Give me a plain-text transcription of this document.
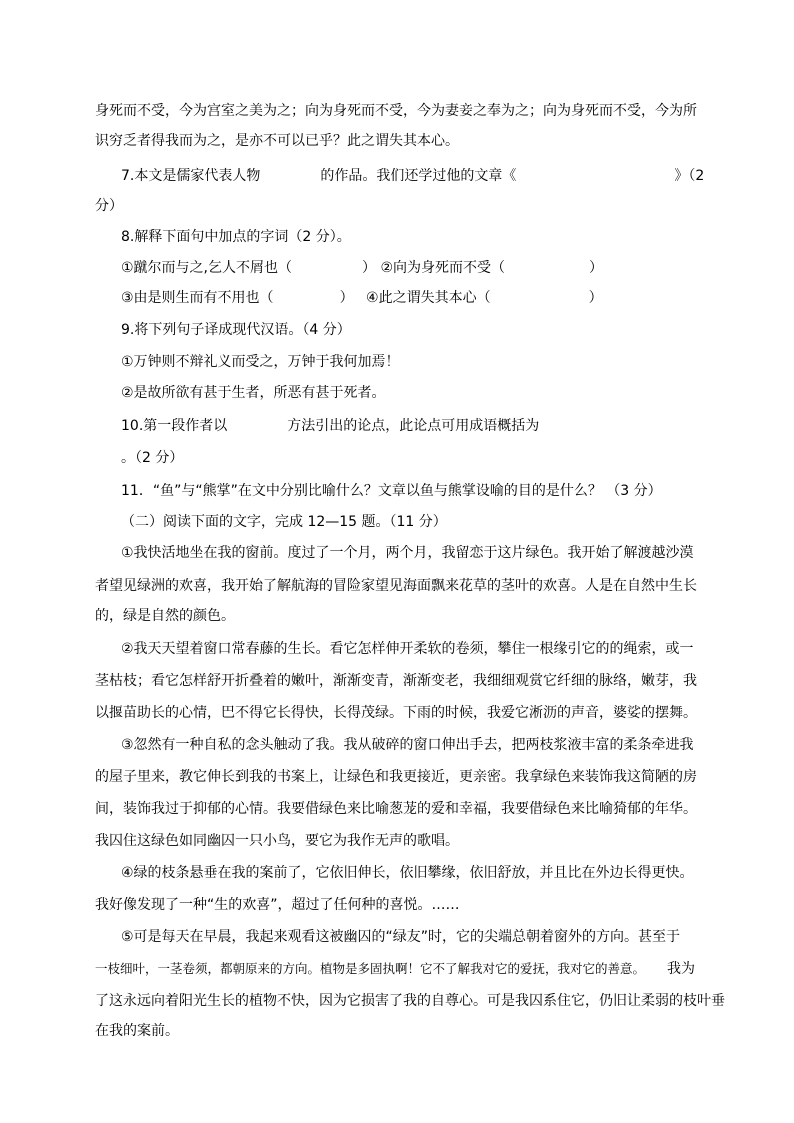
身死而不受，今为宫室之美为之；向为身死而不受，今为妻妾之奉为之；向为身死而不受，今为所
识穷乏者得我而为之，是亦不可以已乎？此之谓失其本心。
7.本文是儒家代表人物	的作品。我们还学过他的文章《	》（2
分）
8.解释下面句中加点的字词（2 分）。
①蹴尔而与之,乞人不屑也（	） ②向为身死而不受（	）
③由是则生而有不用也（	） ④此之谓失其本心（	）
9.将下列句子译成现代汉语。（4 分）
①万钟则不辩礼义而受之，万钟于我何加焉！
②是故所欲有甚于生者，所恶有甚于死者。
10.第一段作者以	方法引出的论点，此论点可用成语概括为
。（2 分）
11．“鱼”与“熊掌”在文中分别比喻什么？文章以鱼与熊掌设喻的目的是什么？ （3 分）
（二）阅读下面的文字，完成 12—15 题。（11 分）
①我快活地坐在我的窗前。度过了一个月，两个月，我留恋于这片绿色。我开始了解渡越沙漠
者望见绿洲的欢喜，我开始了解航海的冒险家望见海面飘来花草的茎叶的欢喜。人是在自然中生长
的，绿是自然的颜色。
②我天天望着窗口常春藤的生长。看它怎样伸开柔软的卷须，攀住一根缘引它的的绳索，或一
茎枯枝；看它怎样舒开折叠着的嫩叶，渐渐变青，渐渐变老，我细细观赏它纤细的脉络，嫩芽，我
以揠苗助长的心情，巴不得它长得快，长得茂绿。下雨的时候，我爱它淅沥的声音，婆娑的摆舞。
③忽然有一种自私的念头触动了我。我从破碎的窗口伸出手去，把两枝浆液丰富的柔条牵进我
的屋子里来，教它伸长到我的书案上，让绿色和我更接近，更亲密。我拿绿色来装饰我这简陋的房
间，装饰我过于抑郁的心情。我要借绿色来比喻葱茏的爱和幸福，我要借绿色来比喻猗郁的年华。
我囚住这绿色如同幽囚一只小鸟，要它为我作无声的歌唱。
④绿的枝条悬垂在我的案前了，它依旧伸长，依旧攀缘，依旧舒放，并且比在外边长得更快。
我好像发现了一种“生的欢喜”，超过了任何种的喜悦。……
⑤可是每天在早晨，我起来观看这被幽囚的“绿友”时，它的尖端总朝着窗外的方向。甚至于
一枝细叶，一茎卷须，都朝原来的方向。植物是多固执啊！它不了解我对它的爱抚，我对它的善意。 我为
了这永远向着阳光生长的植物不快，因为它损害了我的自尊心。可是我囚系住它，仍旧让柔弱的枝叶垂
在我的案前。
